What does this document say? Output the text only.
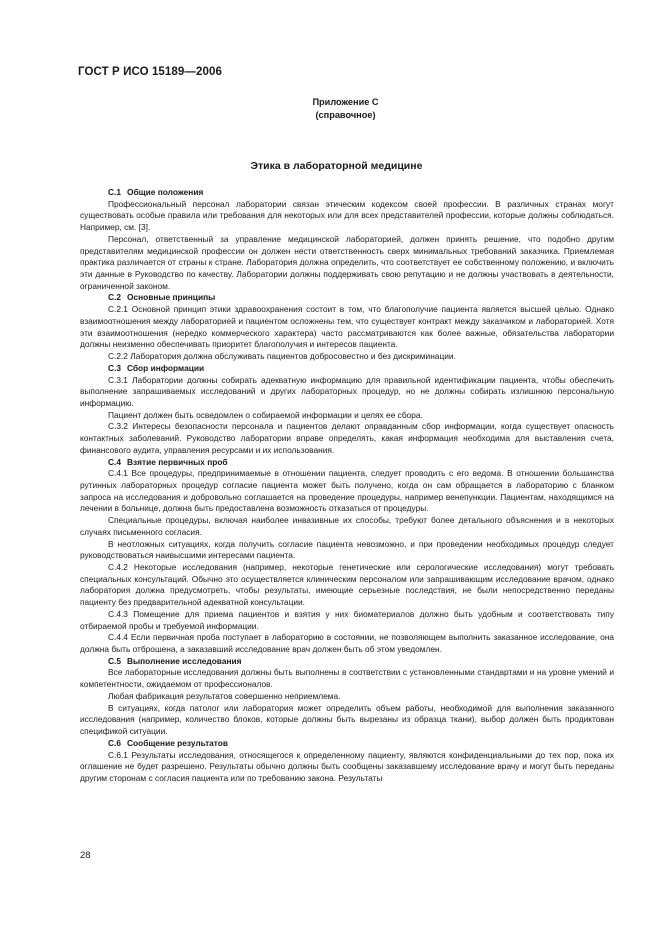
ГОСТ Р ИСО 15189—2006
Приложение С
(справочное)
Этика в лабораторной медицине

С.1 Общие положения

Профессиональный персонал лаборатории связан этическим кодексом своей профессии. В различных странах могут существовать особые правила или требования для некоторых или для всех представителей профессии, которые должны соблюдаться. Например, см. [3].

Персонал, ответственный за управление медицинской лабораторией, должен принять решение, что подобно другим представителям медицинской профессии он должен нести ответственность сверх минимальных требований заказчика. Приемлемая практика различается от страны к стране. Лаборатория должна определить, что соответствует ее собственному положению, и включить эти данные в Руководство по качеству. Лаборатории должны поддерживать свою репутацию и не должны участвовать в деятельности, ограниченной законом.

С.2 Основные принципы

С.2.1 Основной принцип этики здравоохранения состоит в том, что благополучие пациента является высшей целью. Однако взаимоотношения между лабораторией и пациентом осложнены тем, что существует контракт между заказчиком и лабораторией. Хотя эти взаимоотношения (нередко коммерческого характера) часто рассматриваются как более важные, обязательства лаборатории должны неизменно обеспечивать приоритет благополучия и интересов пациента.

С.2.2 Лаборатория должна обслуживать пациентов добросовестно и без дискриминации.

С.3 Сбор информации

С.3.1 Лаборатории должны собирать адекватную информацию для правильной идентификации пациента, чтобы обеспечить выполнение запрашиваемых исследований и других лабораторных процедур, но не должны собирать излишнюю персональную информацию.

Пациент должен быть осведомлен о собираемой информации и целях ее сбора.

С.3.2 Интересы безопасности персонала и пациентов делают оправданным сбор информации, когда существует опасность контактных заболеваний. Руководство лаборатории вправе определять, какая информация необходима для выставления счета, финансового аудита, управления ресурсами и их использования.

С.4 Взятие первичных проб

С.4.1 Все процедуры, предпринимаемые в отношении пациента, следует проводить с его ведома. В отношении большинства рутинных лабораторных процедур согласие пациента может быть получено, когда он сам обращается в лабораторию с бланком запроса на исследования и добровольно соглашается на проведение процедуры, например венепункции. Пациентам, находящимся на лечении в больнице, должна быть предоставлена возможность отказаться от процедуры.

Специальные процедуры, включая наиболее инвазивные их способы, требуют более детального объяснения и в некоторых случаях письменного согласия.

В неотложных ситуациях, когда получить согласие пациента невозможно, и при проведении необходимых процедур следует руководствоваться наивысшими интересами пациента.

С.4.2 Некоторые исследования (например, некоторые генетические или серологические исследования) могут требовать специальных консультаций. Обычно это осуществляется клиническим персоналом или запрашивающим исследование врачом, однако лаборатория должна предусмотреть, чтобы результаты, имеющие серьезные последствия, не были непосредственно переданы пациенту без предварительной адекватной консультации.

С.4.3 Помещение для приема пациентов и взятия у них биоматериалов должно быть удобным и соответствовать типу отбираемой пробы и требуемой информации.

С.4.4 Если первичная проба поступает в лабораторию в состоянии, не позволяющем выполнить заказанное исследование, она должна быть отброшена, а заказавший исследование врач должен быть об этом уведомлен.

С.5 Выполнение исследования

Все лабораторные исследования должны быть выполнены в соответствии с установленными стандартами и на уровне умений и компетентности, ожидаемом от профессионалов.

Любая фабрикация результатов совершенно неприемлема.

В ситуациях, когда патолог или лаборатория может определить объем работы, необходимой для выполнения заказанного исследования (например, количество блоков, которые должны быть вырезаны из образца ткани), выбор должен быть продиктован спецификой ситуации.

С.6 Сообщение результатов

С.6.1 Результаты исследования, относящегося к определенному пациенту, являются конфиденциальными до тех пор, пока их оглашение не будет разрешено. Результаты обычно должны быть сообщены заказавшему исследование врачу и могут быть переданы другим сторонам с согласия пациента или по требованию закона. Результаты

28
